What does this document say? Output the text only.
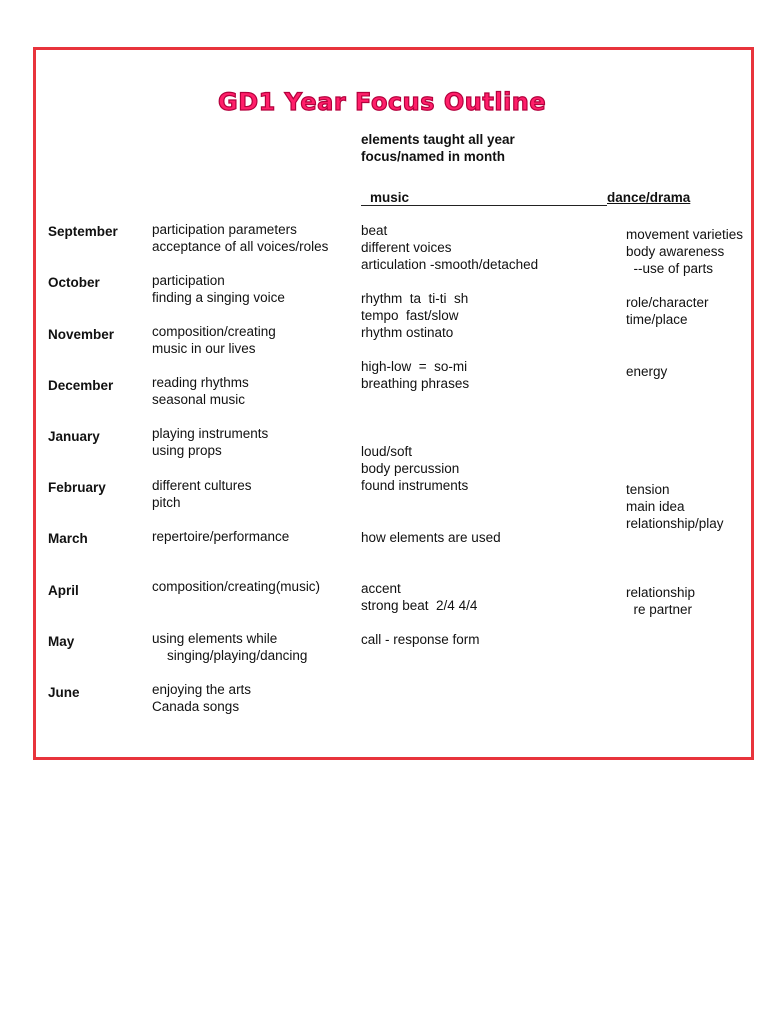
GD1 Year Focus Outline
elements taught all year
focus/named in month
music	dance/drama
September
October
November
December
January
February
March
April
May
June
participation parameters
acceptance of all voices/roles
participation
finding a singing voice
composition/creating
music in our lives
reading rhythms
seasonal music
playing instruments
using props
different cultures
pitch
repertoire/performance
composition/creating(music)
using elements while
singing/playing/dancing
enjoying the arts
Canada songs
beat
different voices
articulation -smooth/detached
rhythm  ta  ti-ti  sh
tempo  fast/slow
rhythm ostinato
high-low  =  so-mi
breathing phrases
loud/soft
body percussion
found instruments
how elements are used
accent
strong beat  2/4 4/4
call - response form
movement varieties
body awareness
--use of parts
role/character
time/place
energy
tension
main idea
relationship/play
relationship
re partner
